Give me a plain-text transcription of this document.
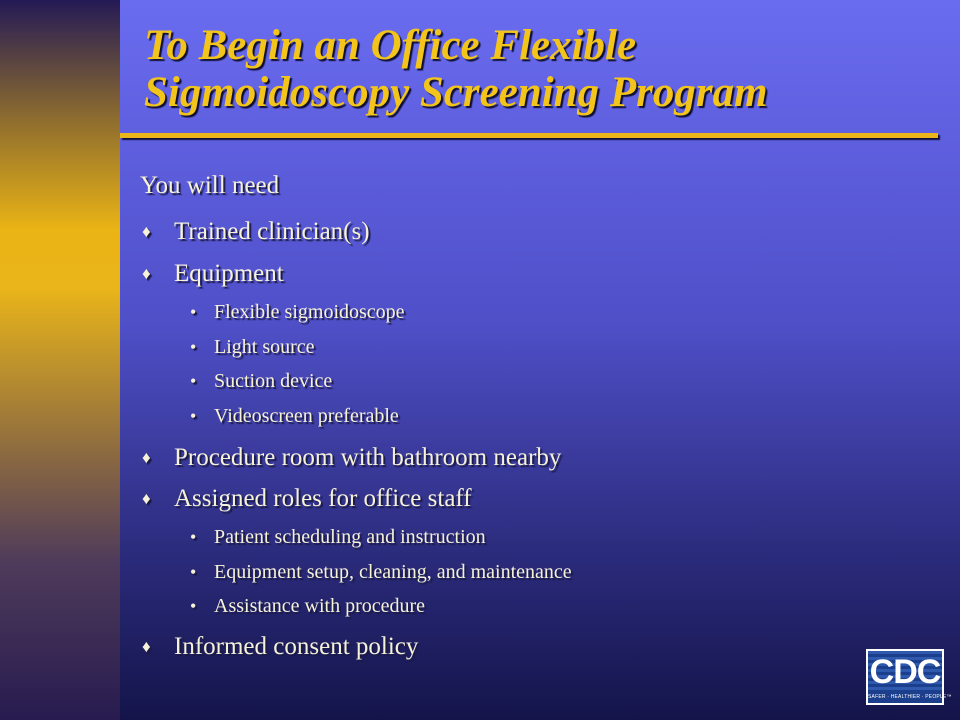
To Begin an Office Flexible
Sigmoidoscopy Screening Program
You will need
♦ Trained clinician(s)
♦ Equipment
• Flexible sigmoidoscope
• Light source
• Suction device
• Videoscreen preferable
♦ Procedure room with bathroom nearby
♦ Assigned roles for office staff
• Patient scheduling and instruction
• Equipment setup, cleaning, and maintenance
• Assistance with procedure
♦ Informed consent policy
CDC
SAFER · HEALTHIER · PEOPLE™
